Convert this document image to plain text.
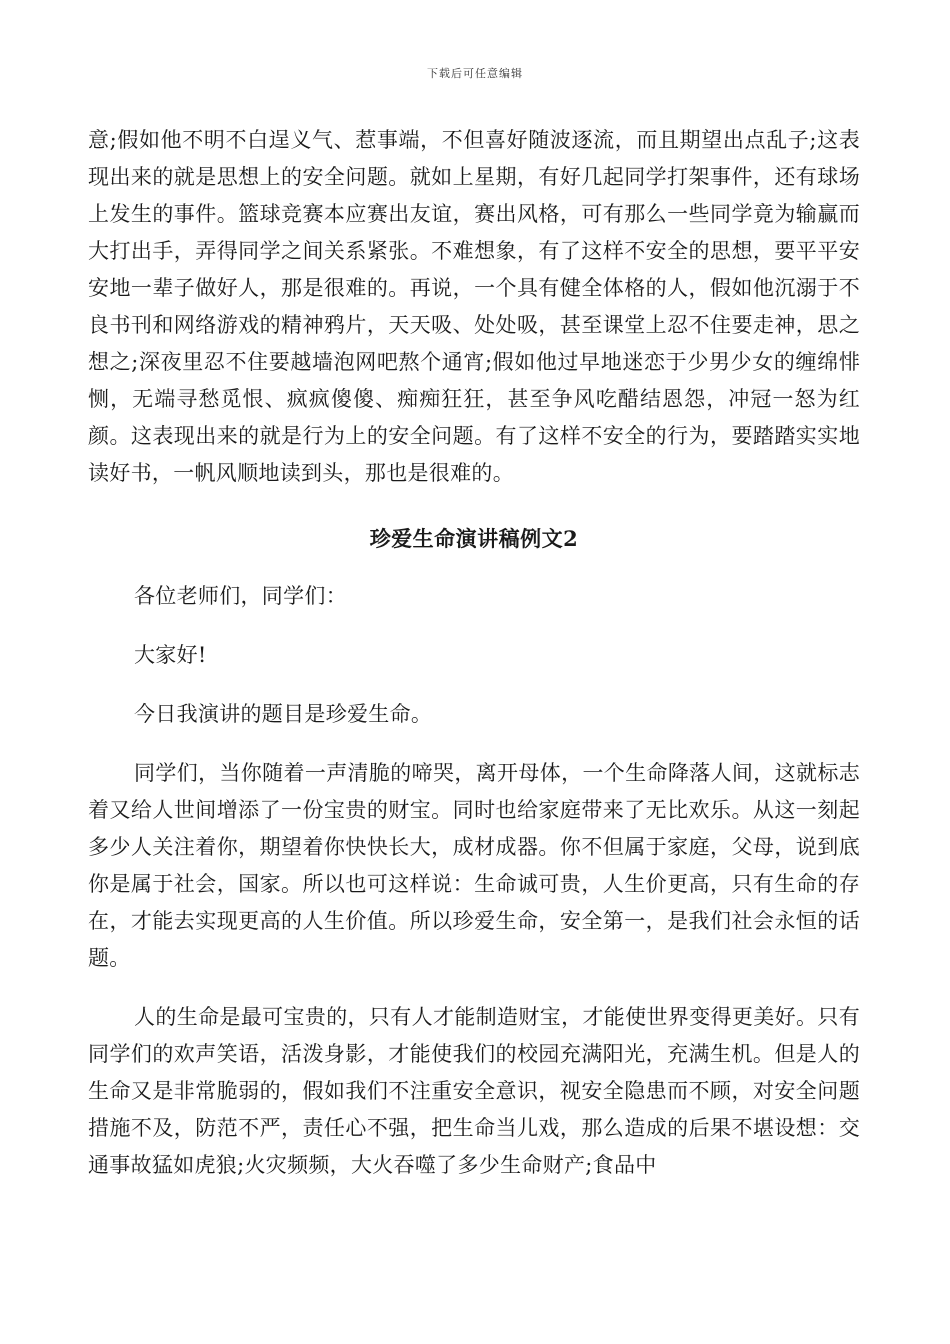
下载后可任意编辑

意;假如他不明不白逞义气、惹事端，不但喜好随波逐流，而且期望出点乱子;这表现出来的就是思想上的安全问题。就如上星期，有好几起同学打架事件，还有球场上发生的事件。篮球竞赛本应赛出友谊，赛出风格，可有那么一些同学竟为输赢而大打出手，弄得同学之间关系紧张。不难想象，有了这样不安全的思想，要平平安安地一辈子做好人，那是很难的。再说，一个具有健全体格的人，假如他沉溺于不良书刊和网络游戏的精神鸦片，天天吸、处处吸，甚至课堂上忍不住要走神，思之想之;深夜里忍不住要越墙泡网吧熬个通宵;假如他过早地迷恋于少男少女的缠绵悱恻，无端寻愁觅恨、疯疯傻傻、痴痴狂狂，甚至争风吃醋结恩怨，冲冠一怒为红颜。这表现出来的就是行为上的安全问题。有了这样不安全的行为，要踏踏实实地读好书，一帆风顺地读到头，那也是很难的。

珍爱生命演讲稿例文2

各位老师们，同学们：

大家好!

今日我演讲的题目是珍爱生命。

同学们，当你随着一声清脆的啼哭，离开母体，一个生命降落人间，这就标志着又给人世间增添了一份宝贵的财宝。同时也给家庭带来了无比欢乐。从这一刻起多少人关注着你，期望着你快快长大，成材成器。你不但属于家庭，父母，说到底你是属于社会，国家。所以也可这样说：生命诚可贵，人生价更高，只有生命的存在，才能去实现更高的人生价值。所以珍爱生命，安全第一，是我们社会永恒的话题。

人的生命是最可宝贵的，只有人才能制造财宝，才能使世界变得更美好。只有同学们的欢声笑语，活泼身影，才能使我们的校园充满阳光，充满生机。但是人的生命又是非常脆弱的，假如我们不注重安全意识，视安全隐患而不顾，对安全问题措施不及，防范不严，责任心不强，把生命当儿戏，那么造成的后果不堪设想：交通事故猛如虎狼;火灾频频，大火吞噬了多少生命财产;食品中
